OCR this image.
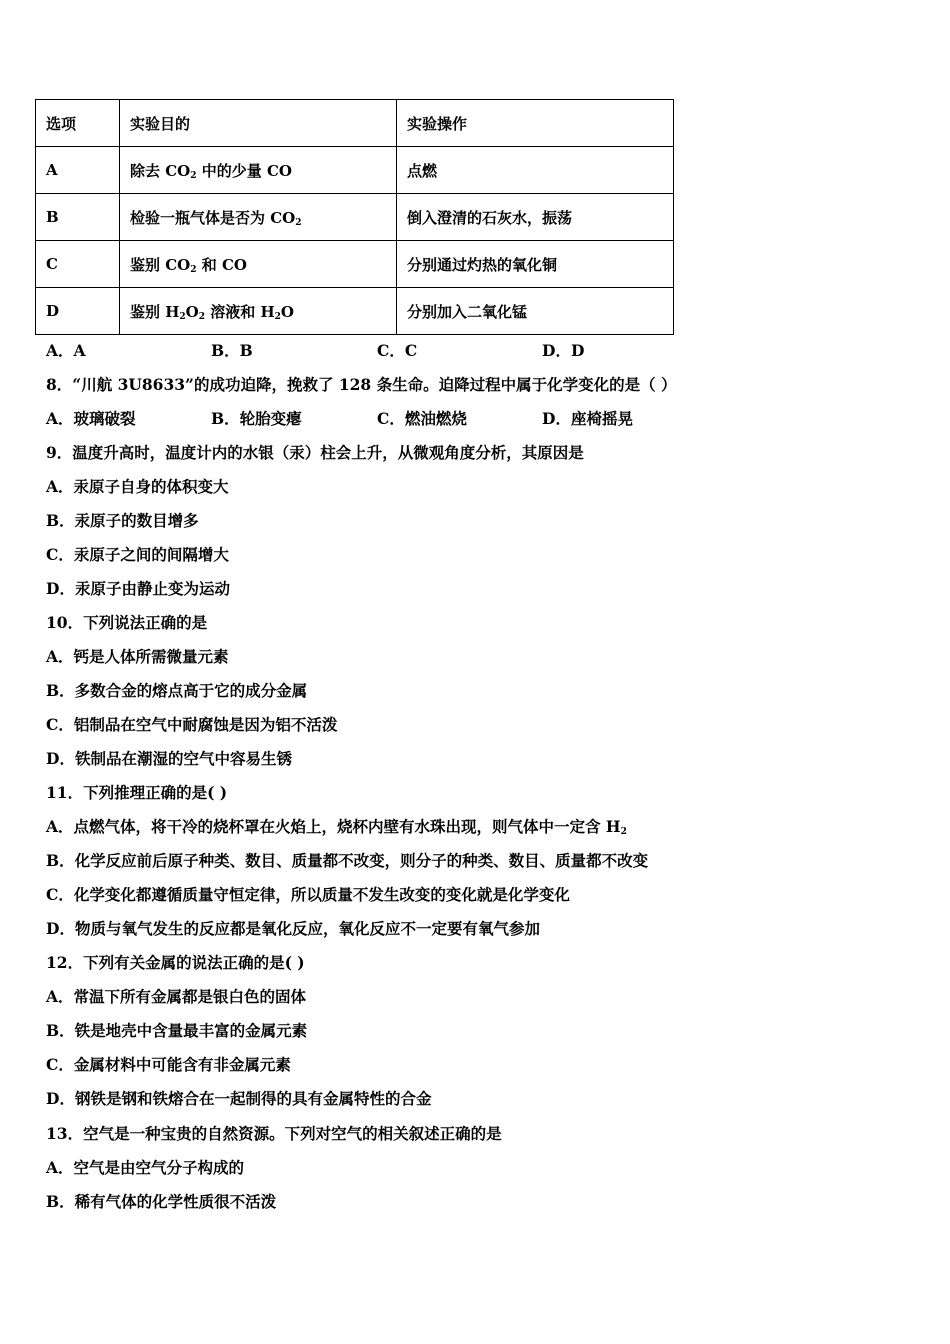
选项	实验目的	实验操作
A	除去 $CO_2$ 中的少量 CO	点燃
B	检验一瓶气体是否为 $CO_2$	倒入澄清的石灰水，振荡
C	鉴别 $CO_2$ 和 CO	分别通过灼热的氧化铜
D	鉴别 $H_2O_2$ 溶液和 $H_2O$	分别加入二氧化锰
A．A	B．B	C．C	D．D
8．“川航 3U8633”的成功迫降，挽救了 128 条生命。迫降过程中属于化学变化的是（ ）
A．玻璃破裂	B．轮胎变瘪	C．燃油燃烧	D．座椅摇晃
9．温度升高时，温度计内的水银（汞）柱会上升，从微观角度分析，其原因是
A．汞原子自身的体积变大
B．汞原子的数目增多
C．汞原子之间的间隔增大
D．汞原子由静止变为运动
10．下列说法正确的是
A．钙是人体所需微量元素
B．多数合金的熔点高于它的成分金属
C．铝制品在空气中耐腐蚀是因为铝不活泼
D．铁制品在潮湿的空气中容易生锈
11．下列推理正确的是( )
A．点燃气体，将干冷的烧杯罩在火焰上，烧杯内壁有水珠出现，则气体中一定含 $H_2$
B．化学反应前后原子种类、数目、质量都不改变，则分子的种类、数目、质量都不改变
C．化学变化都遵循质量守恒定律，所以质量不发生改变的变化就是化学变化
D．物质与氧气发生的反应都是氧化反应，氧化反应不一定要有氧气参加
12．下列有关金属的说法正确的是( )
A．常温下所有金属都是银白色的固体
B．铁是地壳中含量最丰富的金属元素
C．金属材料中可能含有非金属元素
D．钢铁是钢和铁熔合在一起制得的具有金属特性的合金
13．空气是一种宝贵的自然资源。下列对空气的相关叙述正确的是
A．空气是由空气分子构成的
B．稀有气体的化学性质很不活泼
